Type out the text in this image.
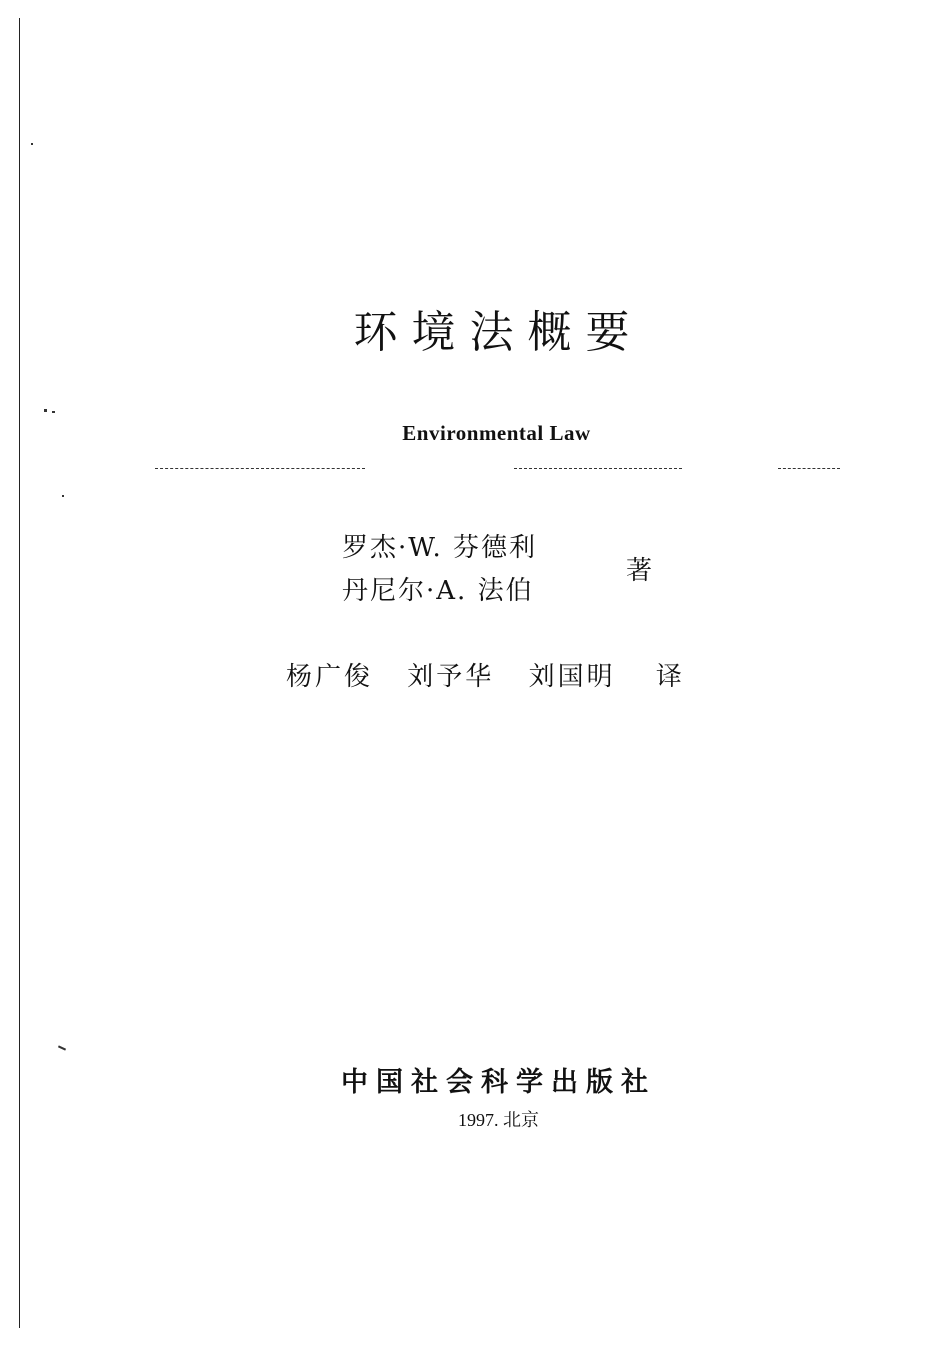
环境法概要
Environmental Law
罗杰·W. 芬德利
丹尼尔·A. 法伯
著
杨广俊 刘予华 刘国明 译
中国社会科学出版社
1997. 北京
